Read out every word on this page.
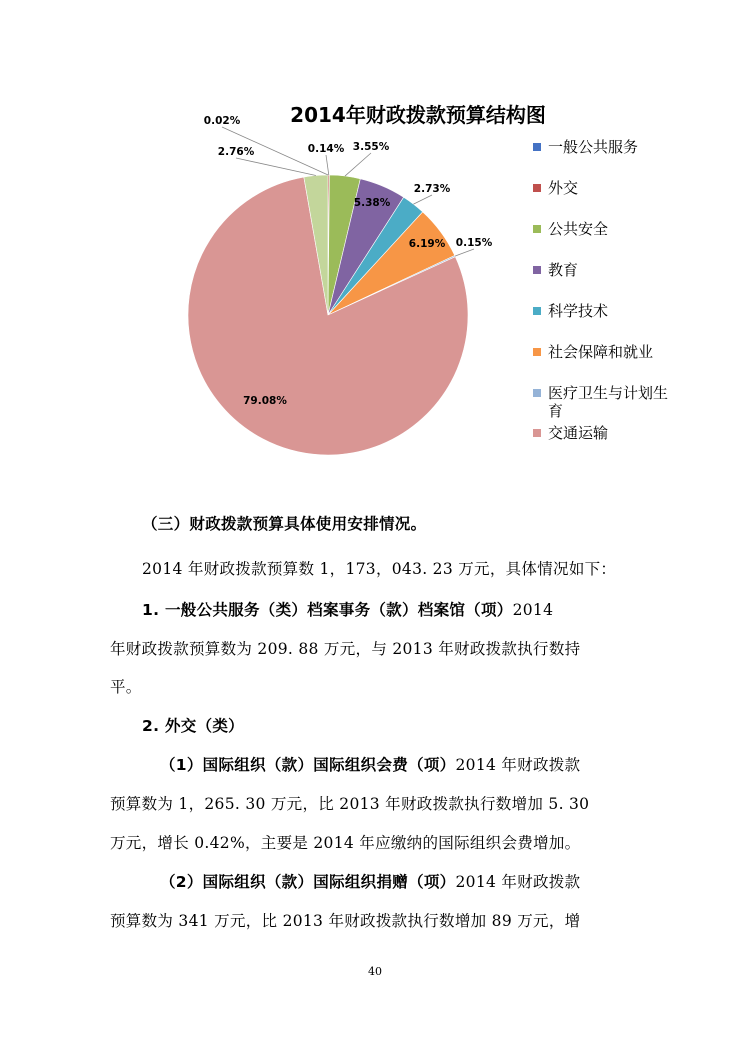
2014年财政拨款预算结构图
0.02%
0.14% 3.55%
5.38%
2.73%
6.19% 0.15%
79.08%
2.76%	一般公共服务
外交
公共安全
教育
科学技术
社会保障和就业
医疗卫生与计划生
育
交通运输
（三）财政拨款预算具体使用安排情况。
2014 年财政拨款预算数 1，173，043. 23 万元，具体情况如下：
1. 一般公共服务（类）档案事务（款）档案馆（项）2014
年财政拨款预算数为 209. 88 万元，与 2013 年财政拨款执行数持
平。
2. 外交（类）
（1）国际组织（款）国际组织会费（项）2014 年财政拨款
预算数为 1，265. 30 万元，比 2013 年财政拨款执行数增加 5. 30
万元，增长 0.42%，主要是 2014 年应缴纳的国际组织会费增加。
（2）国际组织（款）国际组织捐赠（项）2014 年财政拨款
预算数为 341 万元，比 2013 年财政拨款执行数增加 89 万元，增
40
